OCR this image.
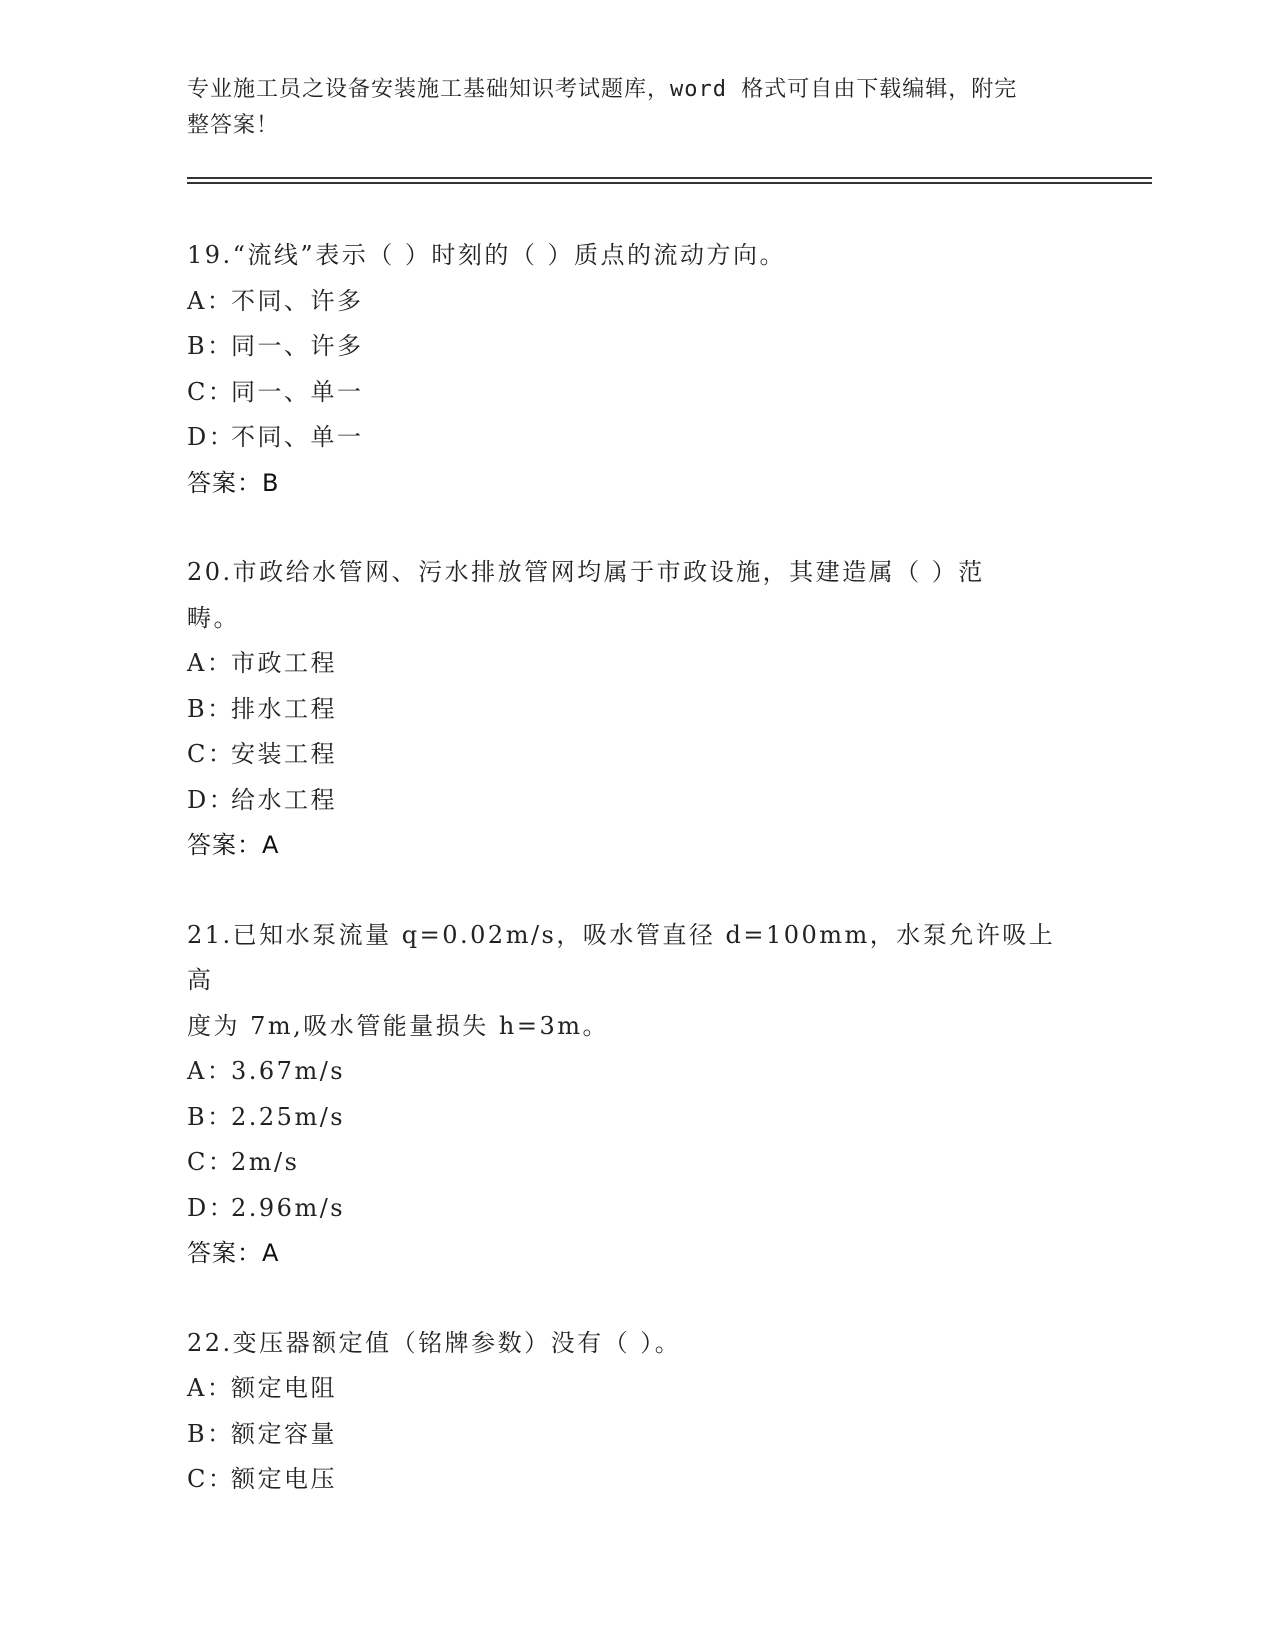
专业施工员之设备安装施工基础知识考试题库，word 格式可自由下载编辑，附完
整答案！

19.“流线”表示（ ）时刻的（ ）质点的流动方向。

A：不同、许多

B：同一、许多

C：同一、单一

D：不同、单一

答案：B

20.市政给水管网、污水排放管网均属于市政设施，其建造属（ ）范

畴。

A：市政工程

B：排水工程

C：安装工程

D：给水工程

答案：A

21.已知水泵流量 q=0.02m/s，吸水管直径 d=100mm，水泵允许吸上高

度为 7m,吸水管能量损失 h=3m。

A：3.67m/s

B：2.25m/s

C：2m/s

D：2.96m/s

答案：A

22.变压器额定值（铭牌参数）没有（ ）。

A：额定电阻

B：额定容量

C：额定电压
